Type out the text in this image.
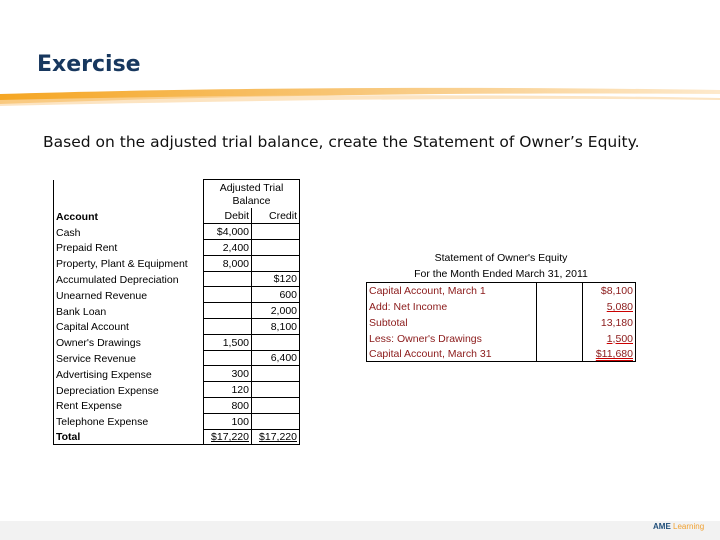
Exercise
Based on the adjusted trial balance, create the Statement of Owner’s Equity.

	Adjusted Trial
Balance	

Account	Debit	Credit
Cash	$4,000	
Prepaid Rent	2,400	
Property, Plant & Equipment	8,000	
Accumulated Depreciation		$120
Unearned Revenue		600
Bank Loan		2,000
Capital Account		8,100
Owner's Drawings	1,500	
Service Revenue		6,400
Advertising Expense	300	
Depreciation Expense	120	
Rent Expense	800	
Telephone Expense	100	
Total	$17,220	$17,220
Statement of Owner's Equity
For the Month Ended March 31, 2011
Capital Account, March 1		$8,100
Add: Net Income		5,080
Subtotal		13,180
Less: Owner's Drawings		1,500
Capital Account, March 31		$11,680
AME Learning
